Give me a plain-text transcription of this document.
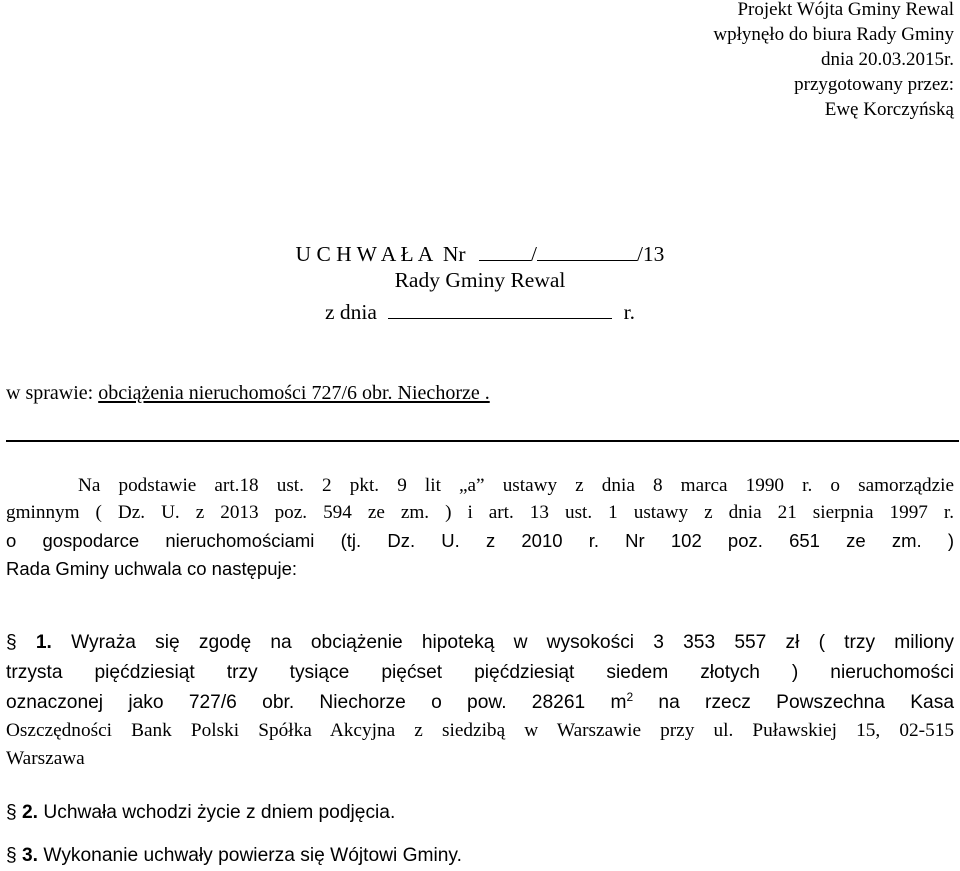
Projekt Wójta Gminy Rewal
wpłynęło do biura Rady Gminy
dnia 20.03.2015r.
przygotowany przez:
Ewę Korczyńską
U C H W A Ł A  Nr	/	/13
Rady Gminy Rewal
z dnia	r.
w sprawie: obciążenia nieruchomości 727/6 obr. Niechorze .
Na podstawie art.18 ust. 2 pkt. 9 lit „a” ustawy z dnia 8 marca 1990 r. o samorządzie
gminnym ( Dz. U. z 2013 poz. 594 ze zm. ) i art. 13 ust. 1 ustawy z dnia 21 sierpnia 1997 r.
o gospodarce nieruchomościami (tj. Dz. U. z 2010 r. Nr 102 poz. 651 ze zm. )
Rada Gminy uchwala co następuje:
§ 1. Wyraża się zgodę na obciążenie hipoteką w wysokości 3 353 557 zł ( trzy miliony
trzysta pięćdziesiąt trzy tysiące pięćset pięćdziesiąt siedem złotych ) nieruchomości
oznaczonej jako 727/6 obr. Niechorze o pow. 28261 $m^2$ na rzecz Powszechna Kasa
Oszczędności Bank Polski Spółka Akcyjna z siedzibą w Warszawie przy ul. Puławskiej 15, 02-515
Warszawa
§ 2. Uchwała wchodzi życie z dniem podjęcia.
§ 3. Wykonanie uchwały powierza się Wójtowi Gminy.
